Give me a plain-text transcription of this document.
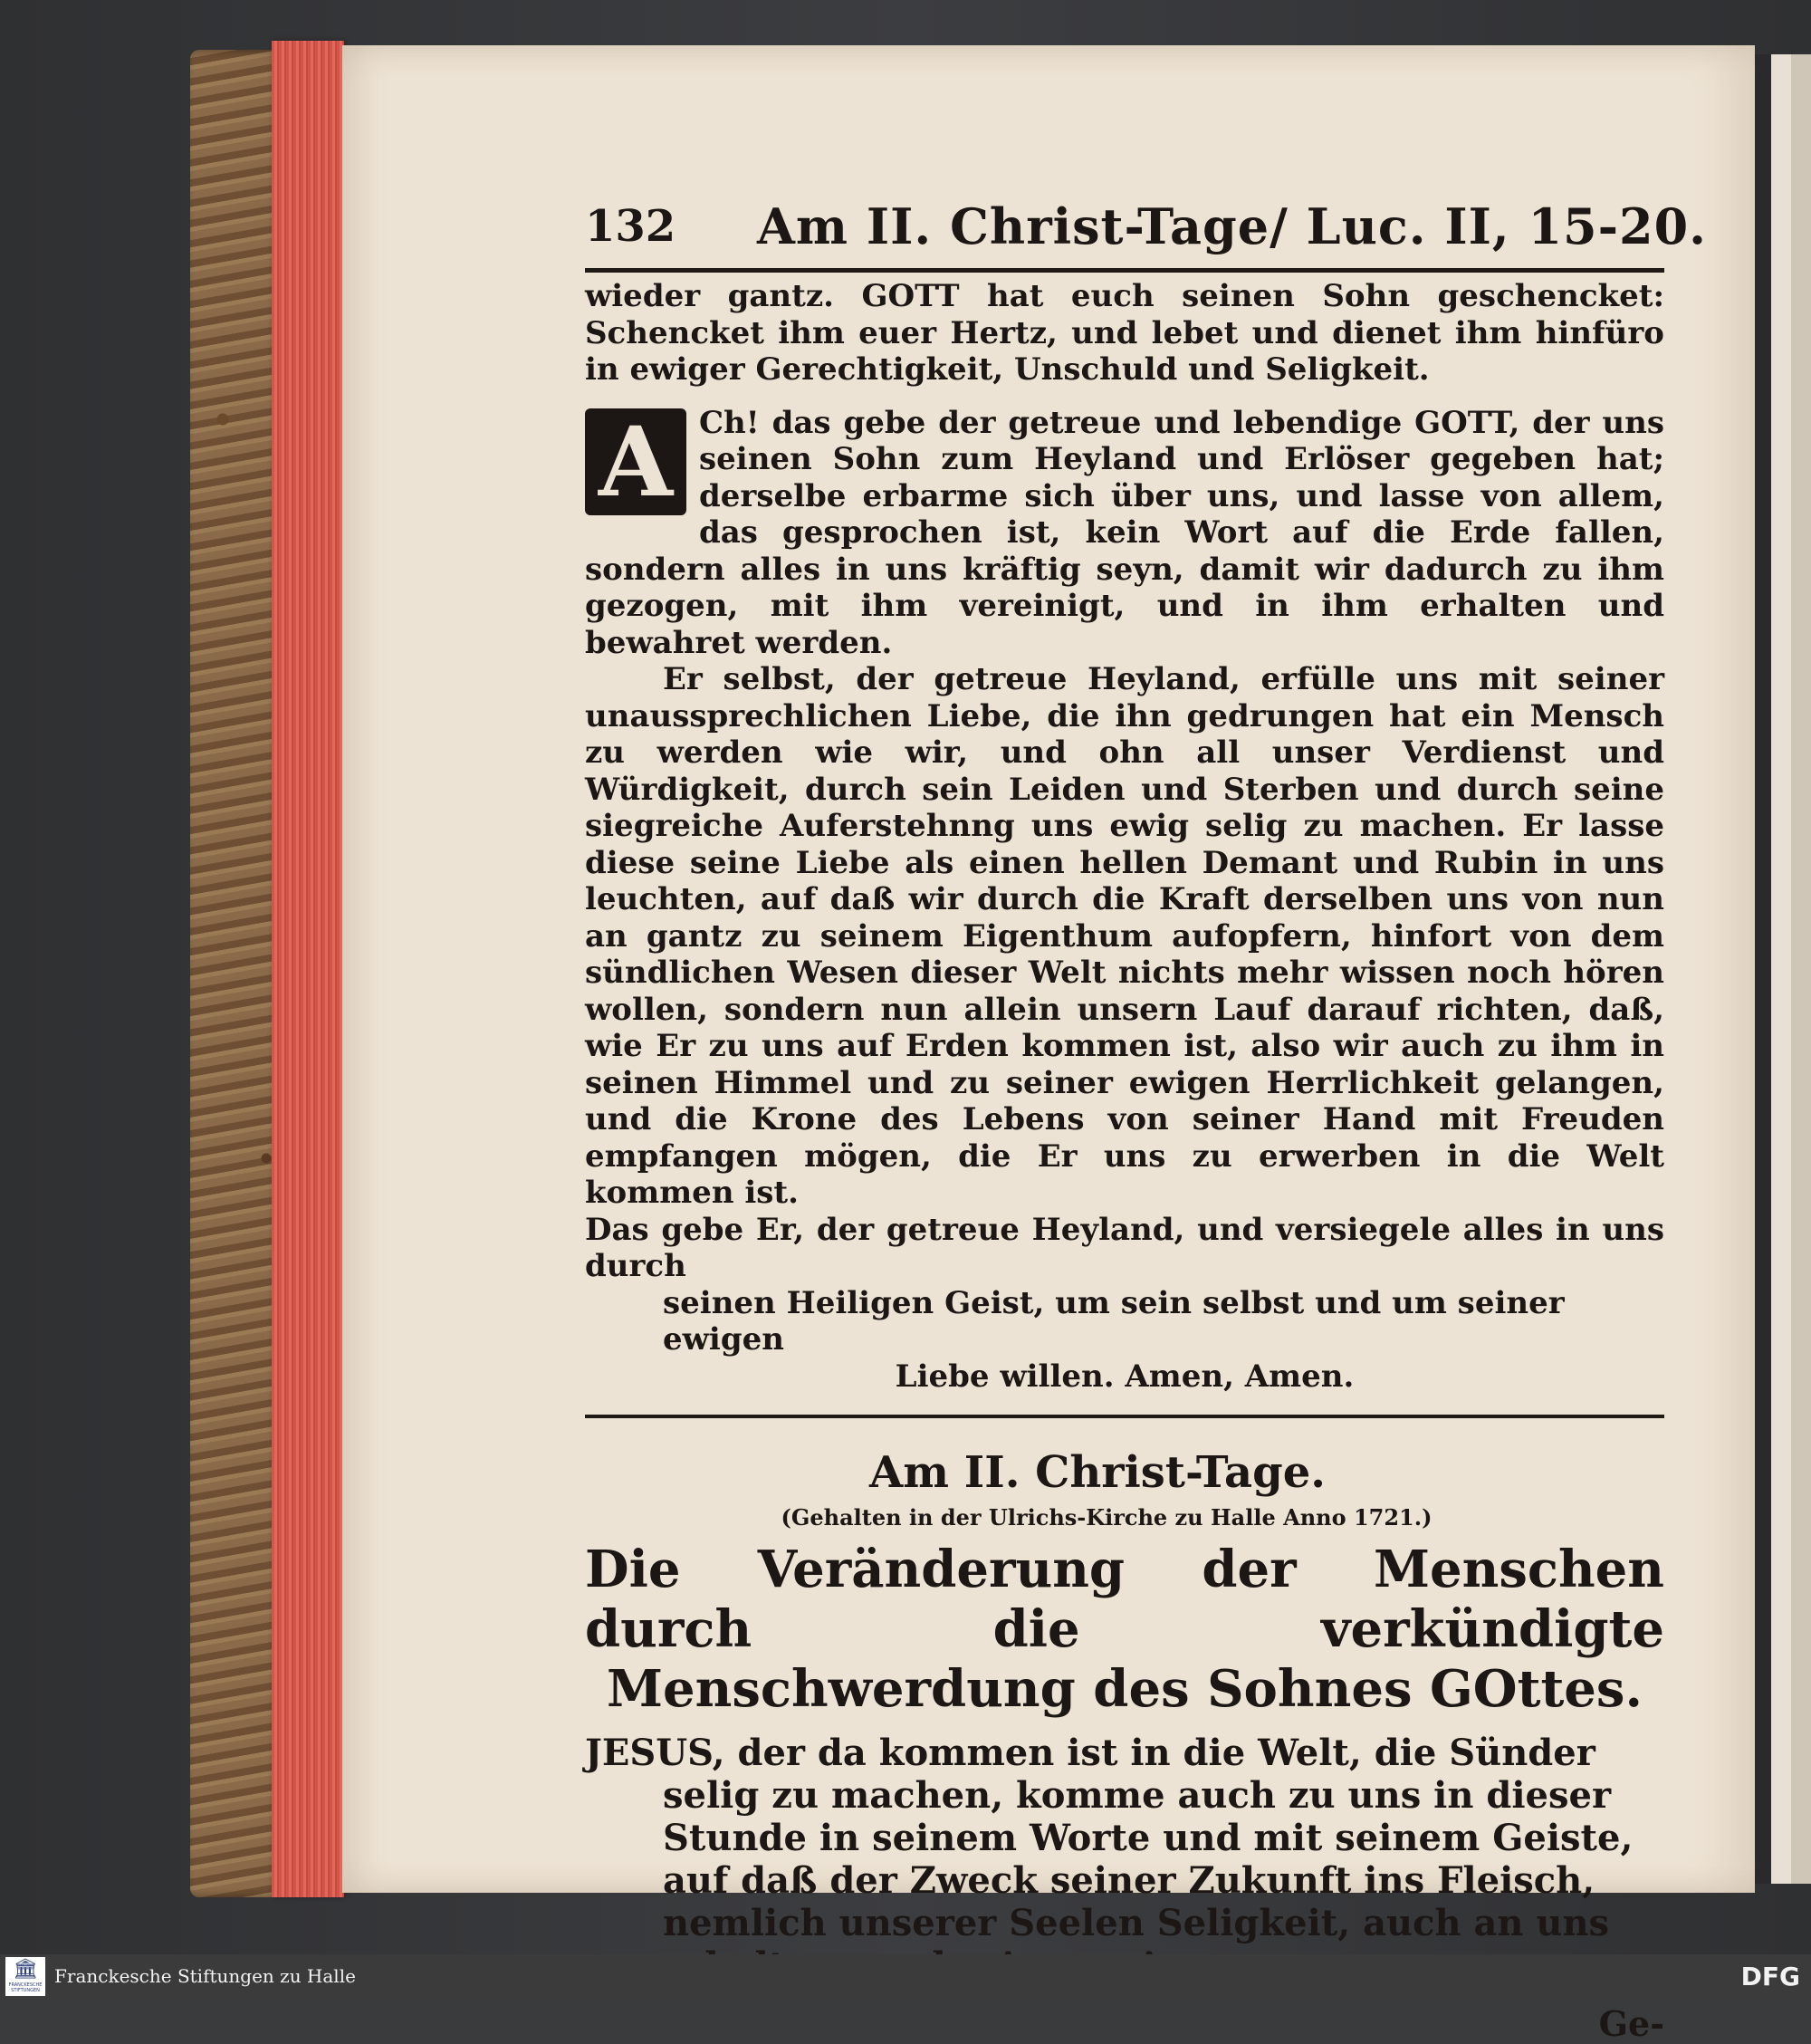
132 Am II. Christ-Tage/ Luc. II, 15-20.

wieder gantz. GOTT hat euch seinen Sohn geschencket: Schencket ihm euer Hertz, und lebet und dienet ihm hinfüro in ewiger Gerechtigkeit, Unschuld und Seligkeit.

A Ch! das gebe der getreue und lebendige GOTT, der uns seinen Sohn zum Heyland und Erlöser gegeben hat; derselbe erbarme sich über uns, und lasse von allem, das gesprochen ist, kein Wort auf die Erde fallen, sondern alles in uns kräftig seyn, damit wir dadurch zu ihm gezogen, mit ihm vereinigt, und in ihm erhalten und bewahret werden.

Er selbst, der getreue Heyland, erfülle uns mit seiner unaussprechlichen Liebe, die ihn gedrungen hat ein Mensch zu werden wie wir, und ohn all unser Verdienst und Würdigkeit, durch sein Leiden und Sterben und durch seine siegreiche Auferstehnng uns ewig selig zu machen. Er lasse diese seine Liebe als einen hellen Demant und Rubin in uns leuchten, auf daß wir durch die Kraft derselben uns von nun an gantz zu seinem Eigenthum aufopfern, hinfort von dem sündlichen Wesen dieser Welt nichts mehr wissen noch hören wollen, sondern nun allein unsern Lauf darauf richten, daß, wie Er zu uns auf Erden kommen ist, also wir auch zu ihm in seinen Himmel und zu seiner ewigen Herrlichkeit gelangen, und die Krone des Lebens von seiner Hand mit Freuden empfangen mögen, die Er uns zu erwerben in die Welt kommen ist.

Das gebe Er, der getreue Heyland, und versiegele alles in uns durch

seinen Heiligen Geist, um sein selbst und um seiner ewigen

Liebe willen. Amen, Amen.

Am II. Christ-Tage.
(Gehalten in der Ulrichs-Kirche zu Halle Anno 1721.)
Die Veränderung der Menschen durch die verkündigte Menschwerdung des Sohnes GOttes.
JESUS, der da kommen ist in die Welt, die Sünder selig zu machen, komme auch zu uns in dieser Stunde in seinem Worte und mit seinem Geiste, auf daß der Zweck seiner Zukunft ins Fleisch, nemlich unserer Seelen Seligkeit, auch an uns
Ge-
🏛
FRANCKESCHE STIFTUNGEN
Franckesche Stiftungen zu Halle	DFG
